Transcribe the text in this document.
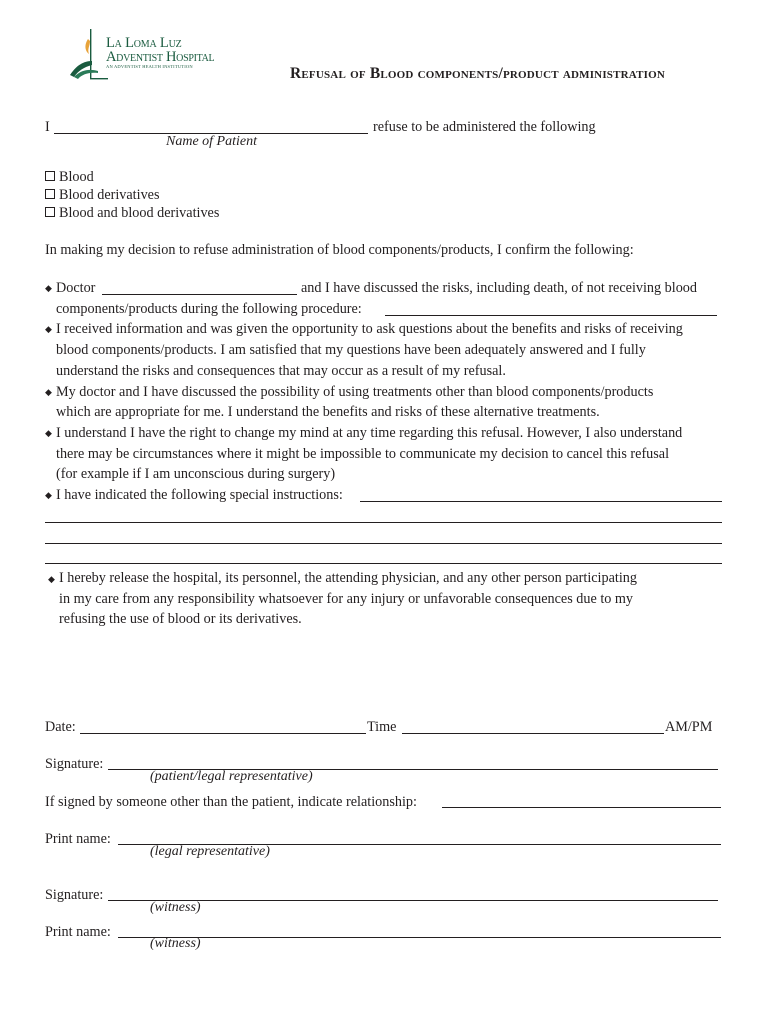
La Loma Luz
Adventist Hospital
AN ADVENTIST HEALTH INSTITUTION	Refusal of Blood components/product administration
I	refuse to be administered the following
Name of Patient
Blood
Blood derivatives
Blood and blood derivatives
In making my decision to refuse administration of blood components/products, I confirm the following:
◆ Doctor	and I have discussed the risks, including death, of not receiving blood
components/products during the following procedure:
◆ I received information and was given the opportunity to ask questions about the benefits and risks of receiving
blood components/products. I am satisfied that my questions have been adequately answered and I fully
understand the risks and consequences that may occur as a result of my refusal.
◆ My doctor and I have discussed the possibility of using treatments other than blood components/products
which are appropriate for me. I understand the benefits and risks of these alternative treatments.
◆ I understand I have the right to change my mind at any time regarding this refusal. However, I also understand
there may be circumstances where it might be impossible to communicate my decision to cancel this refusal
(for example if I am unconscious during surgery)
◆ I have indicated the following special instructions:
◆ I hereby release the hospital, its personnel, the attending physician, and any other person participating
in my care from any responsibility whatsoever for any injury or unfavorable consequences due to my
refusing the use of blood or its derivatives.
Date:	Time	AM/PM
Signature:
(patient/legal representative)
If signed by someone other than the patient, indicate relationship:
Print name:
(legal representative)
Signature:
(witness)
Print name:
(witness)
